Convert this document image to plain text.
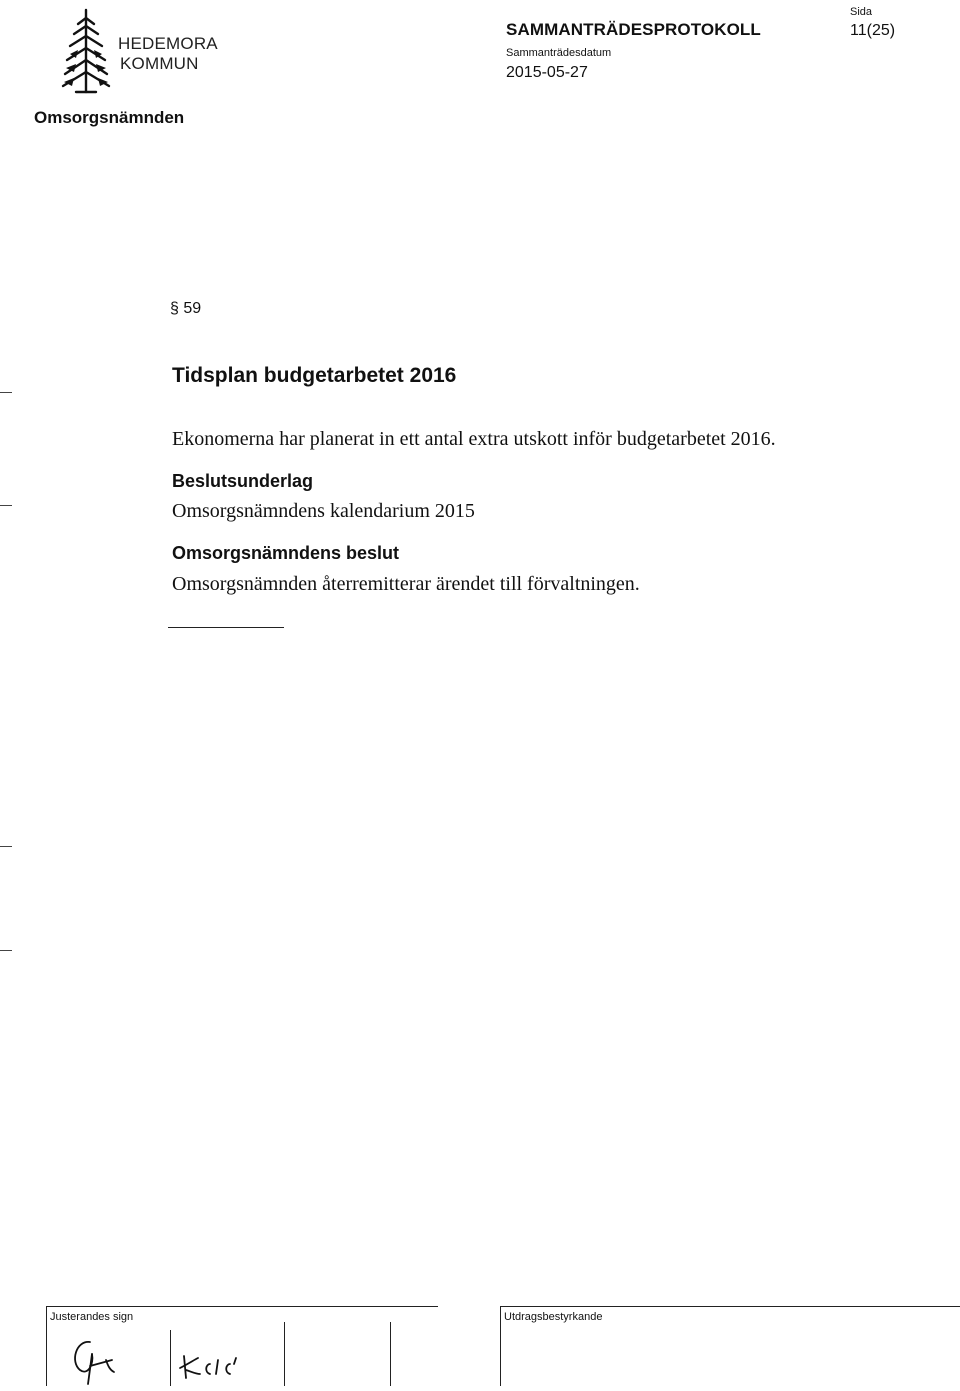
HEDEMORA
KOMMUN
SAMMANTRÄDESPROTOKOLL
Sammanträdesdatum
2015-05-27
Sida
11(25)
Omsorgsnämnden
§ 59
Tidsplan budgetarbetet 2016
Ekonomerna har planerat in ett antal extra utskott inför budgetarbetet 2016.
Beslutsunderlag
Omsorgsnämndens kalendarium 2015
Omsorgsnämndens beslut
Omsorgsnämnden återremitterar ärendet till förvaltningen.
Justerandes sign	Utdragsbestyrkande
